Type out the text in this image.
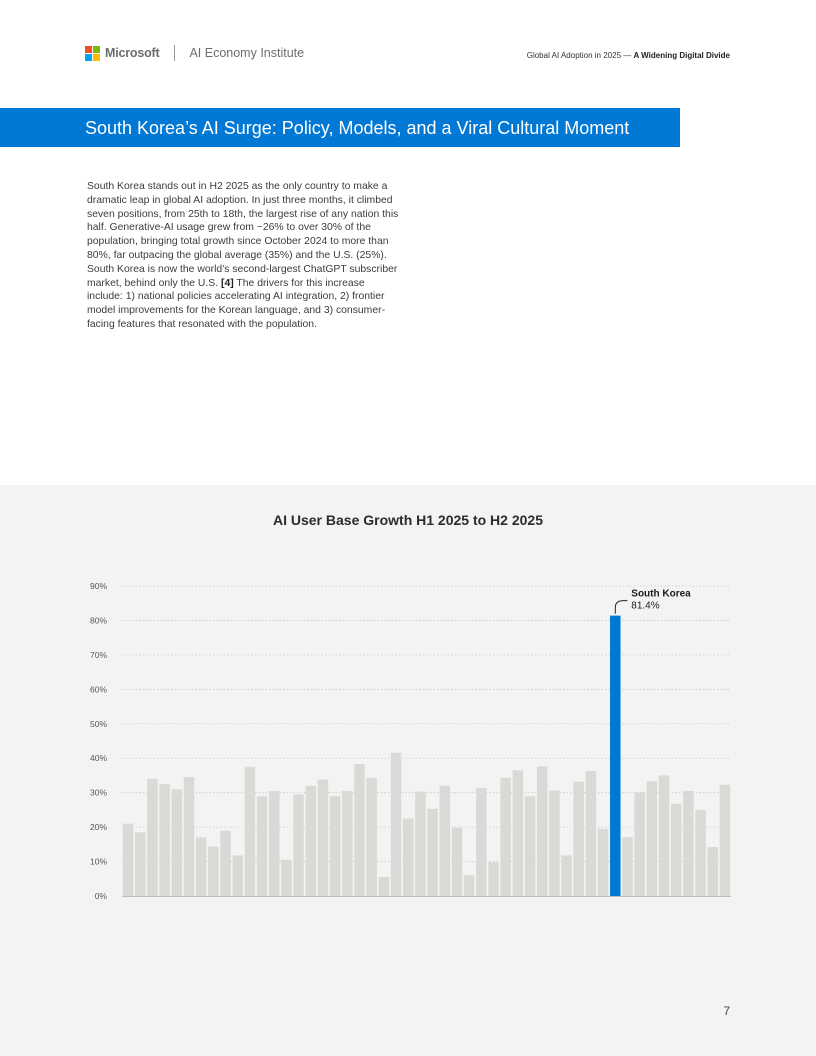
Microsoft AI Economy Institute	Global AI Adoption in 2025 — A Widening Digital Divide
South Korea’s AI Surge: Policy, Models, and a Viral Cultural Moment

South Korea stands out in H2 2025 as the only country to make a dramatic leap in global AI adoption. In just three months, it climbed seven positions, from 25th to 18th, the largest rise of any nation this half. Generative-AI usage grew from ~26% to over 30% of the population, bringing total growth since October 2024 to more than 80%, far outpacing the global average (35%) and the U.S. (25%). South Korea is now the world’s second-largest ChatGPT subscriber market, behind only the U.S. [4] The drivers for this increase include: 1) national policies accelerating AI integration, 2) frontier model improvements for the Korean language, and 3) consumer-facing features that resonated with the population.

AI User Base Growth H1 2025 to H2 2025
0%
10%
20%
30%
40%
50%
60%
70%
80%
90%
South Korea
81.4%
7
